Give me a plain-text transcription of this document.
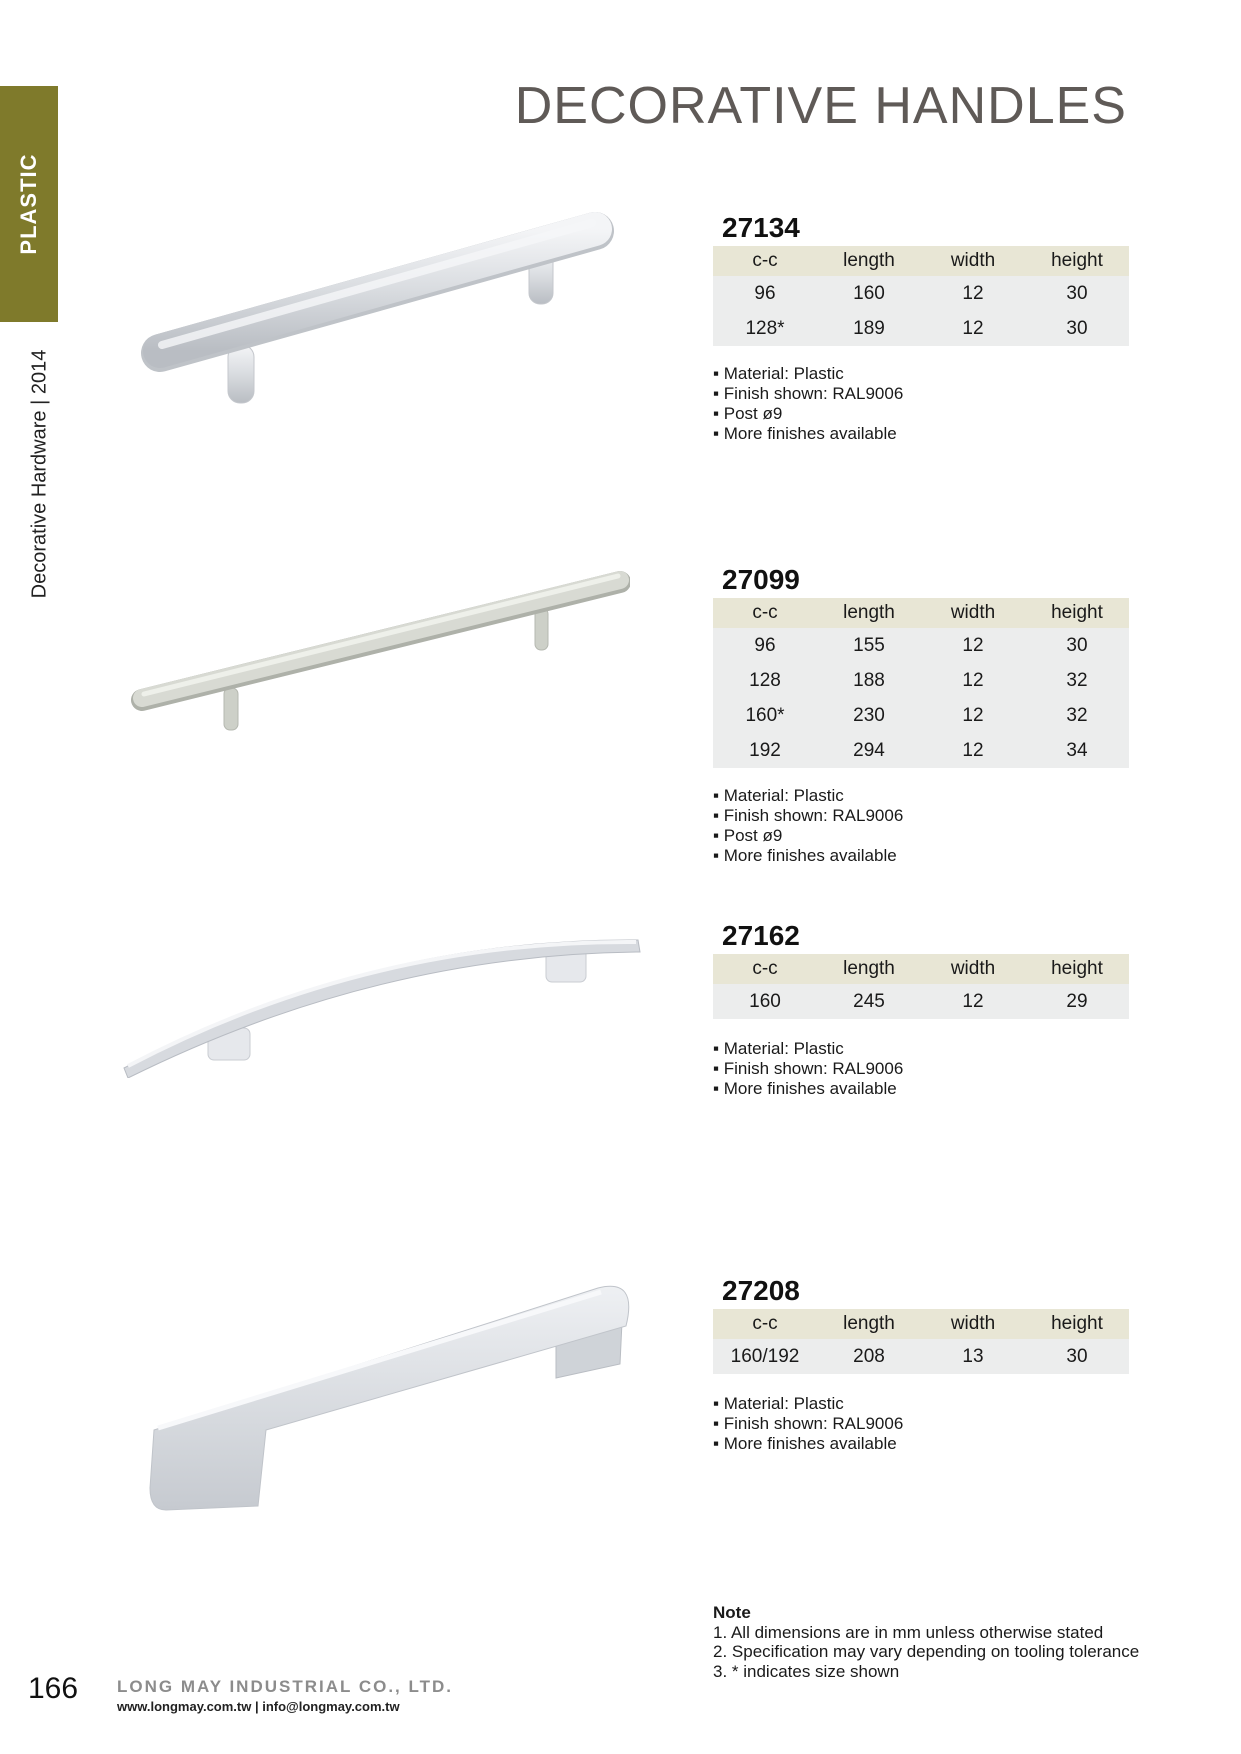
PLASTIC
Decorative Hardware | 2014
DECORATIVE HANDLES
27134
c-c	length	width	height
96	160	12	30
128*	189	12	30
▪ Material: Plastic
▪ Finish shown: RAL9006
▪ Post ø9
▪ More finishes available
27099
c-c	length	width	height
96	155	12	30
128	188	12	32
160*	230	12	32
192	294	12	34
▪ Material: Plastic
▪ Finish shown: RAL9006
▪ Post ø9
▪ More finishes available
27162
c-c	length	width	height
160	245	12	29
▪ Material: Plastic
▪ Finish shown: RAL9006
▪ More finishes available
27208
c-c	length	width	height
160/192	208	13	30
▪ Material: Plastic
▪ Finish shown: RAL9006
▪ More finishes available
Note
1. All dimensions are in mm unless otherwise stated
2. Specification may vary depending on tooling tolerance
3. * indicates size shown
166 LONG MAY INDUSTRIAL CO., LTD.
www.longmay.com.tw | info@longmay.com.tw
